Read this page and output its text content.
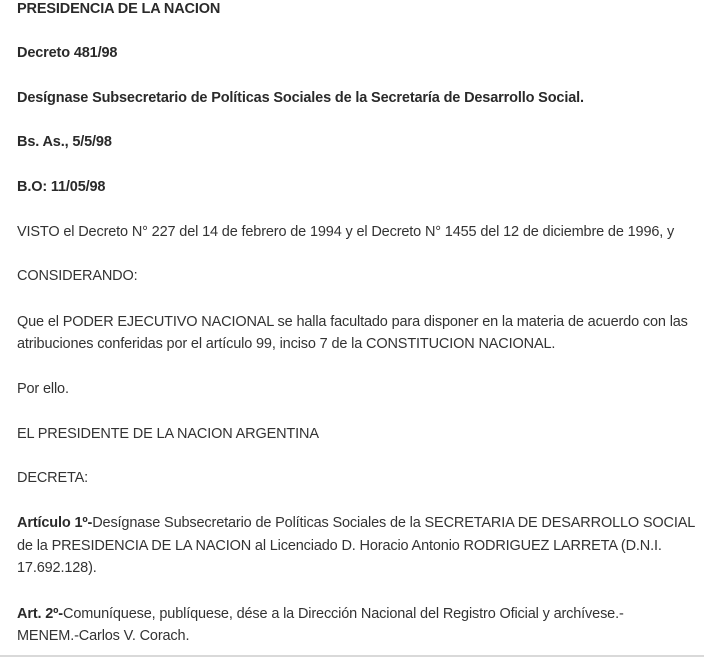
PRESIDENCIA DE LA NACION
Decreto 481/98
Desígnase Subsecretario de Políticas Sociales de la Secretaría de Desarrollo Social.
Bs. As., 5/5/98
B.O: 11/05/98
VISTO el Decreto N° 227 del 14 de febrero de 1994 y el Decreto N° 1455 del 12 de diciembre de 1996, y
CONSIDERANDO:
Que el PODER EJECUTIVO NACIONAL se halla facultado para disponer en la materia de acuerdo con las
atribuciones conferidas por el artículo 99, inciso 7 de la CONSTITUCION NACIONAL.
Por ello.
EL PRESIDENTE DE LA NACION ARGENTINA
DECRETA:
Artículo 1º-Desígnase Subsecretario de Políticas Sociales de la SECRETARIA DE DESARROLLO SOCIAL
de la PRESIDENCIA DE LA NACION al Licenciado D. Horacio Antonio RODRIGUEZ LARRETA (D.N.I.
17.692.128).
Art. 2º-Comuníquese, publíquese, dése a la Dirección Nacional del Registro Oficial y archívese.-
MENEM.-Carlos V. Corach.
